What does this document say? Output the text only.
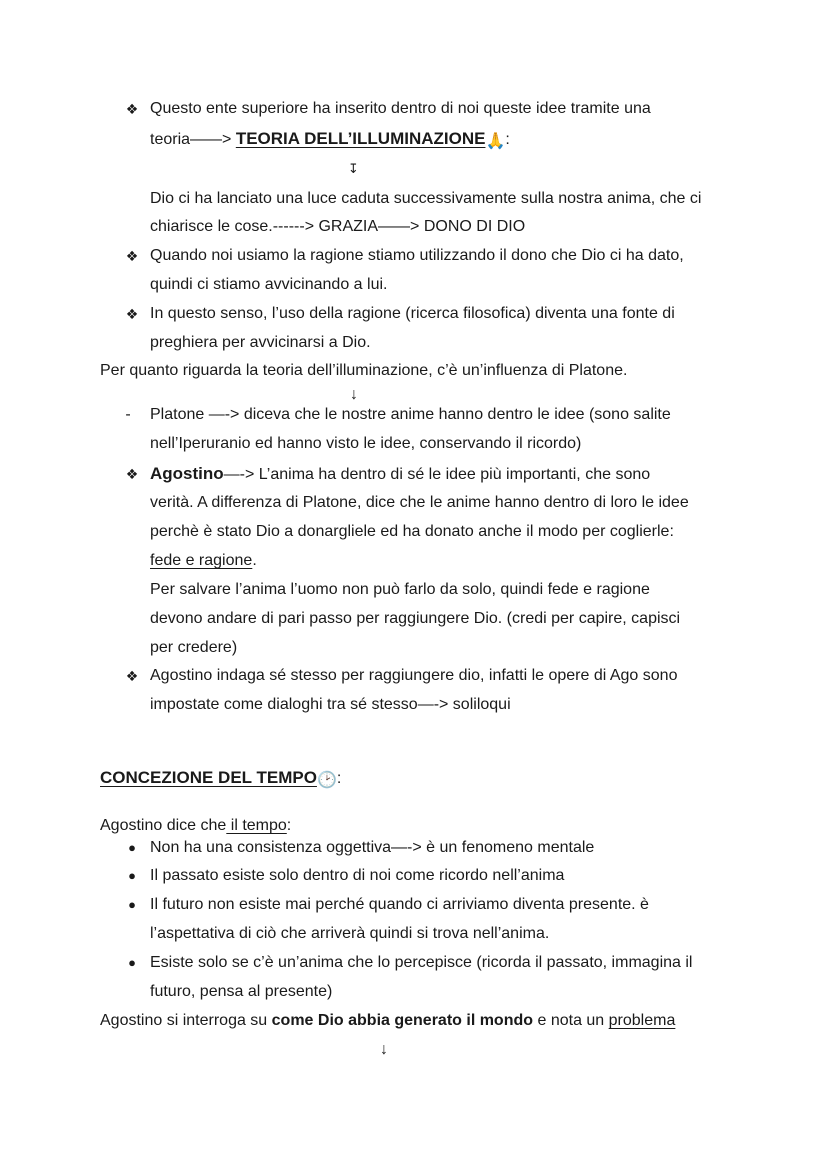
❖ Questo ente superiore ha inserito dentro di noi queste idee tramite una
teoria——> TEORIA DELL’ILLUMINAZIONE🙏:
↧
Dio ci ha lanciato una luce caduta successivamente sulla nostra anima, che ci
chiarisce le cose.------> GRAZIA——> DONO DI DIO
❖ Quando noi usiamo la ragione stiamo utilizzando il dono che Dio ci ha dato,
quindi ci stiamo avvicinando a lui.
❖ In questo senso, l’uso della ragione (ricerca filosofica) diventa una fonte di
preghiera per avvicinarsi a Dio.
Per quanto riguarda la teoria dell’illuminazione, c’è un’influenza di Platone.
↓
-	Platone —-> diceva che le nostre anime hanno dentro le idee (sono salite
nell’Iperuranio ed hanno visto le idee, conservando il ricordo)
❖ Agostino—-> L’anima ha dentro di sé le idee più importanti, che sono
verità. A differenza di Platone, dice che le anime hanno dentro di loro le idee
perchè è stato Dio a donargliele ed ha donato anche il modo per coglierle:
fede e ragione.
Per salvare l’anima l’uomo non può farlo da solo, quindi fede e ragione
devono andare di pari passo per raggiungere Dio. (credi per capire, capisci
per credere)
❖ Agostino indaga sé stesso per raggiungere dio, infatti le opere di Ago sono
impostate come dialoghi tra sé stesso—-> soliloqui
CONCEZIONE DEL TEMPO🕑:
Agostino dice che il tempo:
● Non ha una consistenza oggettiva—-> è un fenomeno mentale
● Il passato esiste solo dentro di noi come ricordo nell’anima
● Il futuro non esiste mai perché quando ci arriviamo diventa presente. è
l’aspettativa di ciò che arriverà quindi si trova nell’anima.
● Esiste solo se c’è un’anima che lo percepisce (ricorda il passato, immagina il
futuro, pensa al presente)
Agostino si interroga su come Dio abbia generato il mondo e nota un problema
↓
